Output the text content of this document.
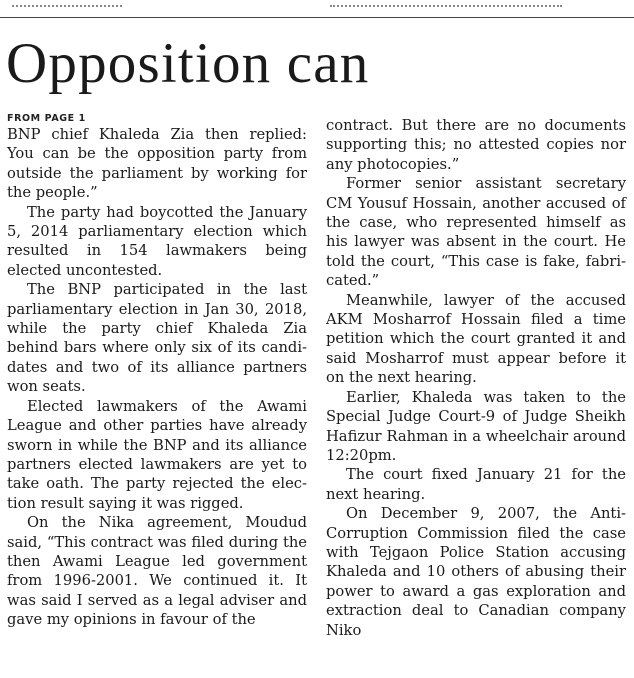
Opposition can
FROM PAGE 1

BNP chief Khaleda Zia then replied: You can be the opposition party from outside the parliament by working for the people.”

The party had boycotted the January 5, 2014 parliamentary election which resulted in 154 lawmakers being elected uncontested.

The BNP participated in the last parliamentary election in Jan 30, 2018, while the party chief Khaleda Zia behind bars where only six of its candidates and two of its alliance partners won seats.

Elected lawmakers of the Awami League and other parties have already sworn in while the BNP and its alliance partners elected lawmakers are yet to take oath. The party rejected the election result saying it was rigged.

On the Nika agreement, Moudud said, “This contract was filed during the then Awami League led government from 1996-2001. We continued it. It was said I served as a legal adviser and gave my opinions in favour of the

contract. But there are no documents supporting this; no attested copies nor any photocopies.”

Former senior assistant secretary CM Yousuf Hossain, another accused of the case, who represented himself as his lawyer was absent in the court. He told the court, “This case is fake, fabricated.”

Meanwhile, lawyer of the accused AKM Mosharrof Hossain filed a time petition which the court granted it and said Mosharrof must appear before it on the next hearing.

Earlier, Khaleda was taken to the Special Judge Court-9 of Judge Sheikh Hafizur Rahman in a wheelchair around 12:20pm.

The court fixed January 21 for the next hearing.

On December 9, 2007, the Anti-Corruption Commission filed the case with Tejgaon Police Station accusing Khaleda and 10 others of abusing their power to award a gas exploration and extraction deal to Canadian company Niko
